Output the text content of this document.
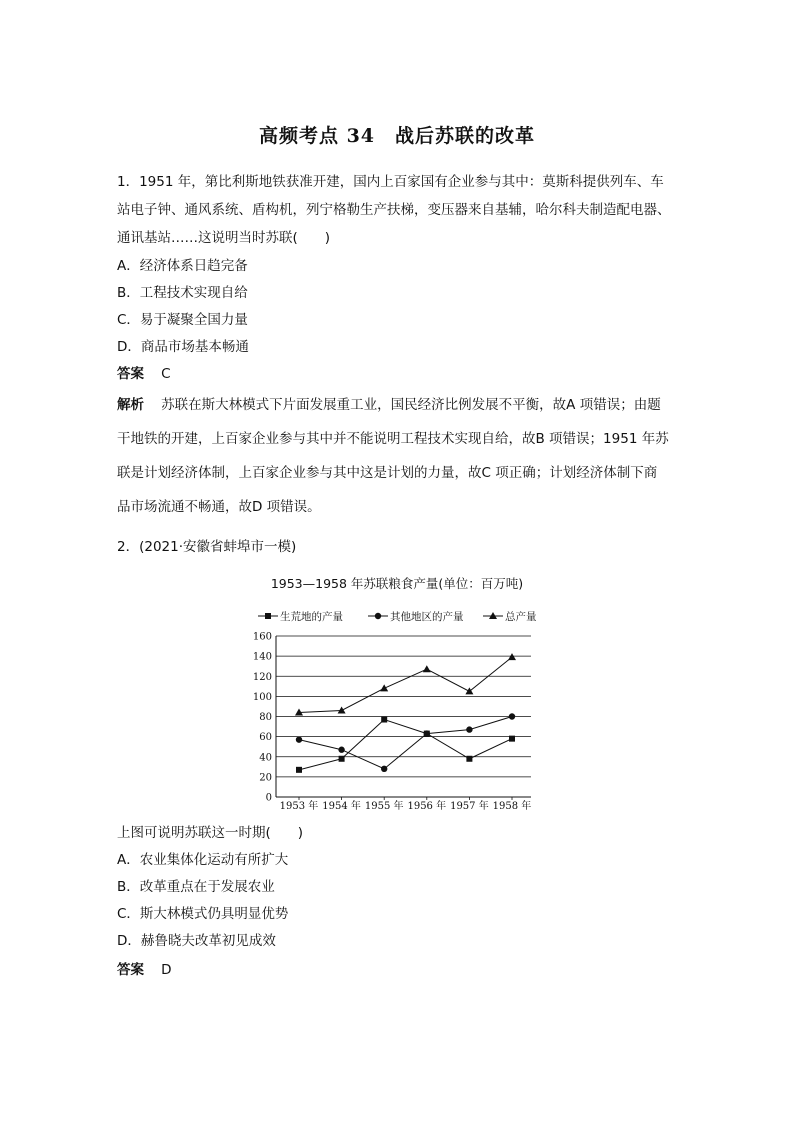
高频考点 34　战后苏联的改革
1．1951 年，第比利斯地铁获准开建，国内上百家国有企业参与其中：莫斯科提供列车、车
站电子钟、通风系统、盾构机，列宁格勒生产扶梯，变压器来自基辅，哈尔科夫制造配电器、
通讯基站……这说明当时苏联(　　)
A．经济体系日趋完备
B．工程技术实现自给
C．易于凝聚全国力量
D．商品市场基本畅通
答案 C
解析 苏联在斯大林模式下片面发展重工业，国民经济比例发展不平衡，故A 项错误；由题
干地铁的开建，上百家企业参与其中并不能说明工程技术实现自给，故B 项错误；1951 年苏
联是计划经济体制，上百家企业参与其中这是计划的力量，故C 项正确；计划经济体制下商
品市场流通不畅通，故D 项错误。
2．(2021·安徽省蚌埠市一模)
1953—1958 年苏联粮食产量(单位：百万吨)
生荒地的产量	其他地区的产量	总产量
0
20
40
60
80
100
120
140
160
1953 年 1954 年 1955 年 1956 年 1957 年 1958 年
上图可说明苏联这一时期(　　)
A．农业集体化运动有所扩大
B．改革重点在于发展农业
C．斯大林模式仍具明显优势
D．赫鲁晓夫改革初见成效
答案 D
